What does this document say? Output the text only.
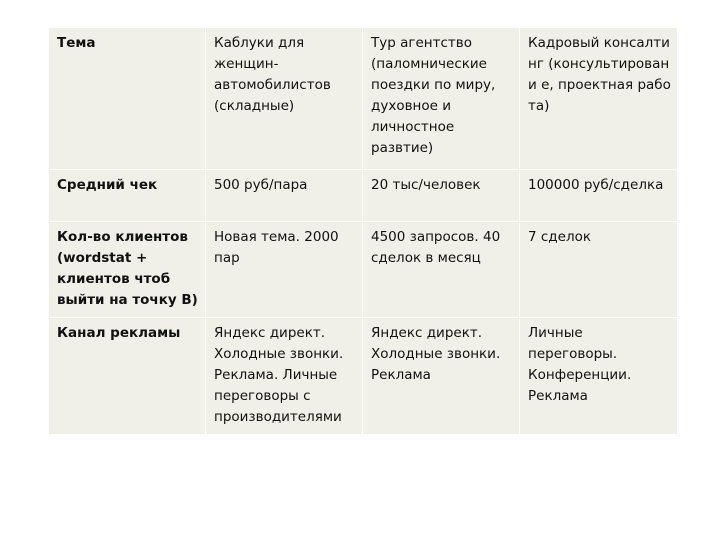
Тема	Каблуки для женщин-автомобилистов (складные)	Тур агентство (паломнические поездки по миру, духовное и личностное развтие)	Кадровый консалтинг (консультировани е, проектная работа)
Средний чек	500 руб/пара	20 тыс/человек	100000 руб/сделка
Кол-во клиентов (wordstat + клиентов чтоб выйти на точку B)	Новая тема. 2000 пар	4500 запросов. 40 сделок в месяц	7 сделок
Канал рекламы	Яндекс директ. Холодные звонки. Реклама. Личные переговоры с производителями	Яндекс директ. Холодные звонки. Реклама	Личные переговоры. Конференции. Реклама
